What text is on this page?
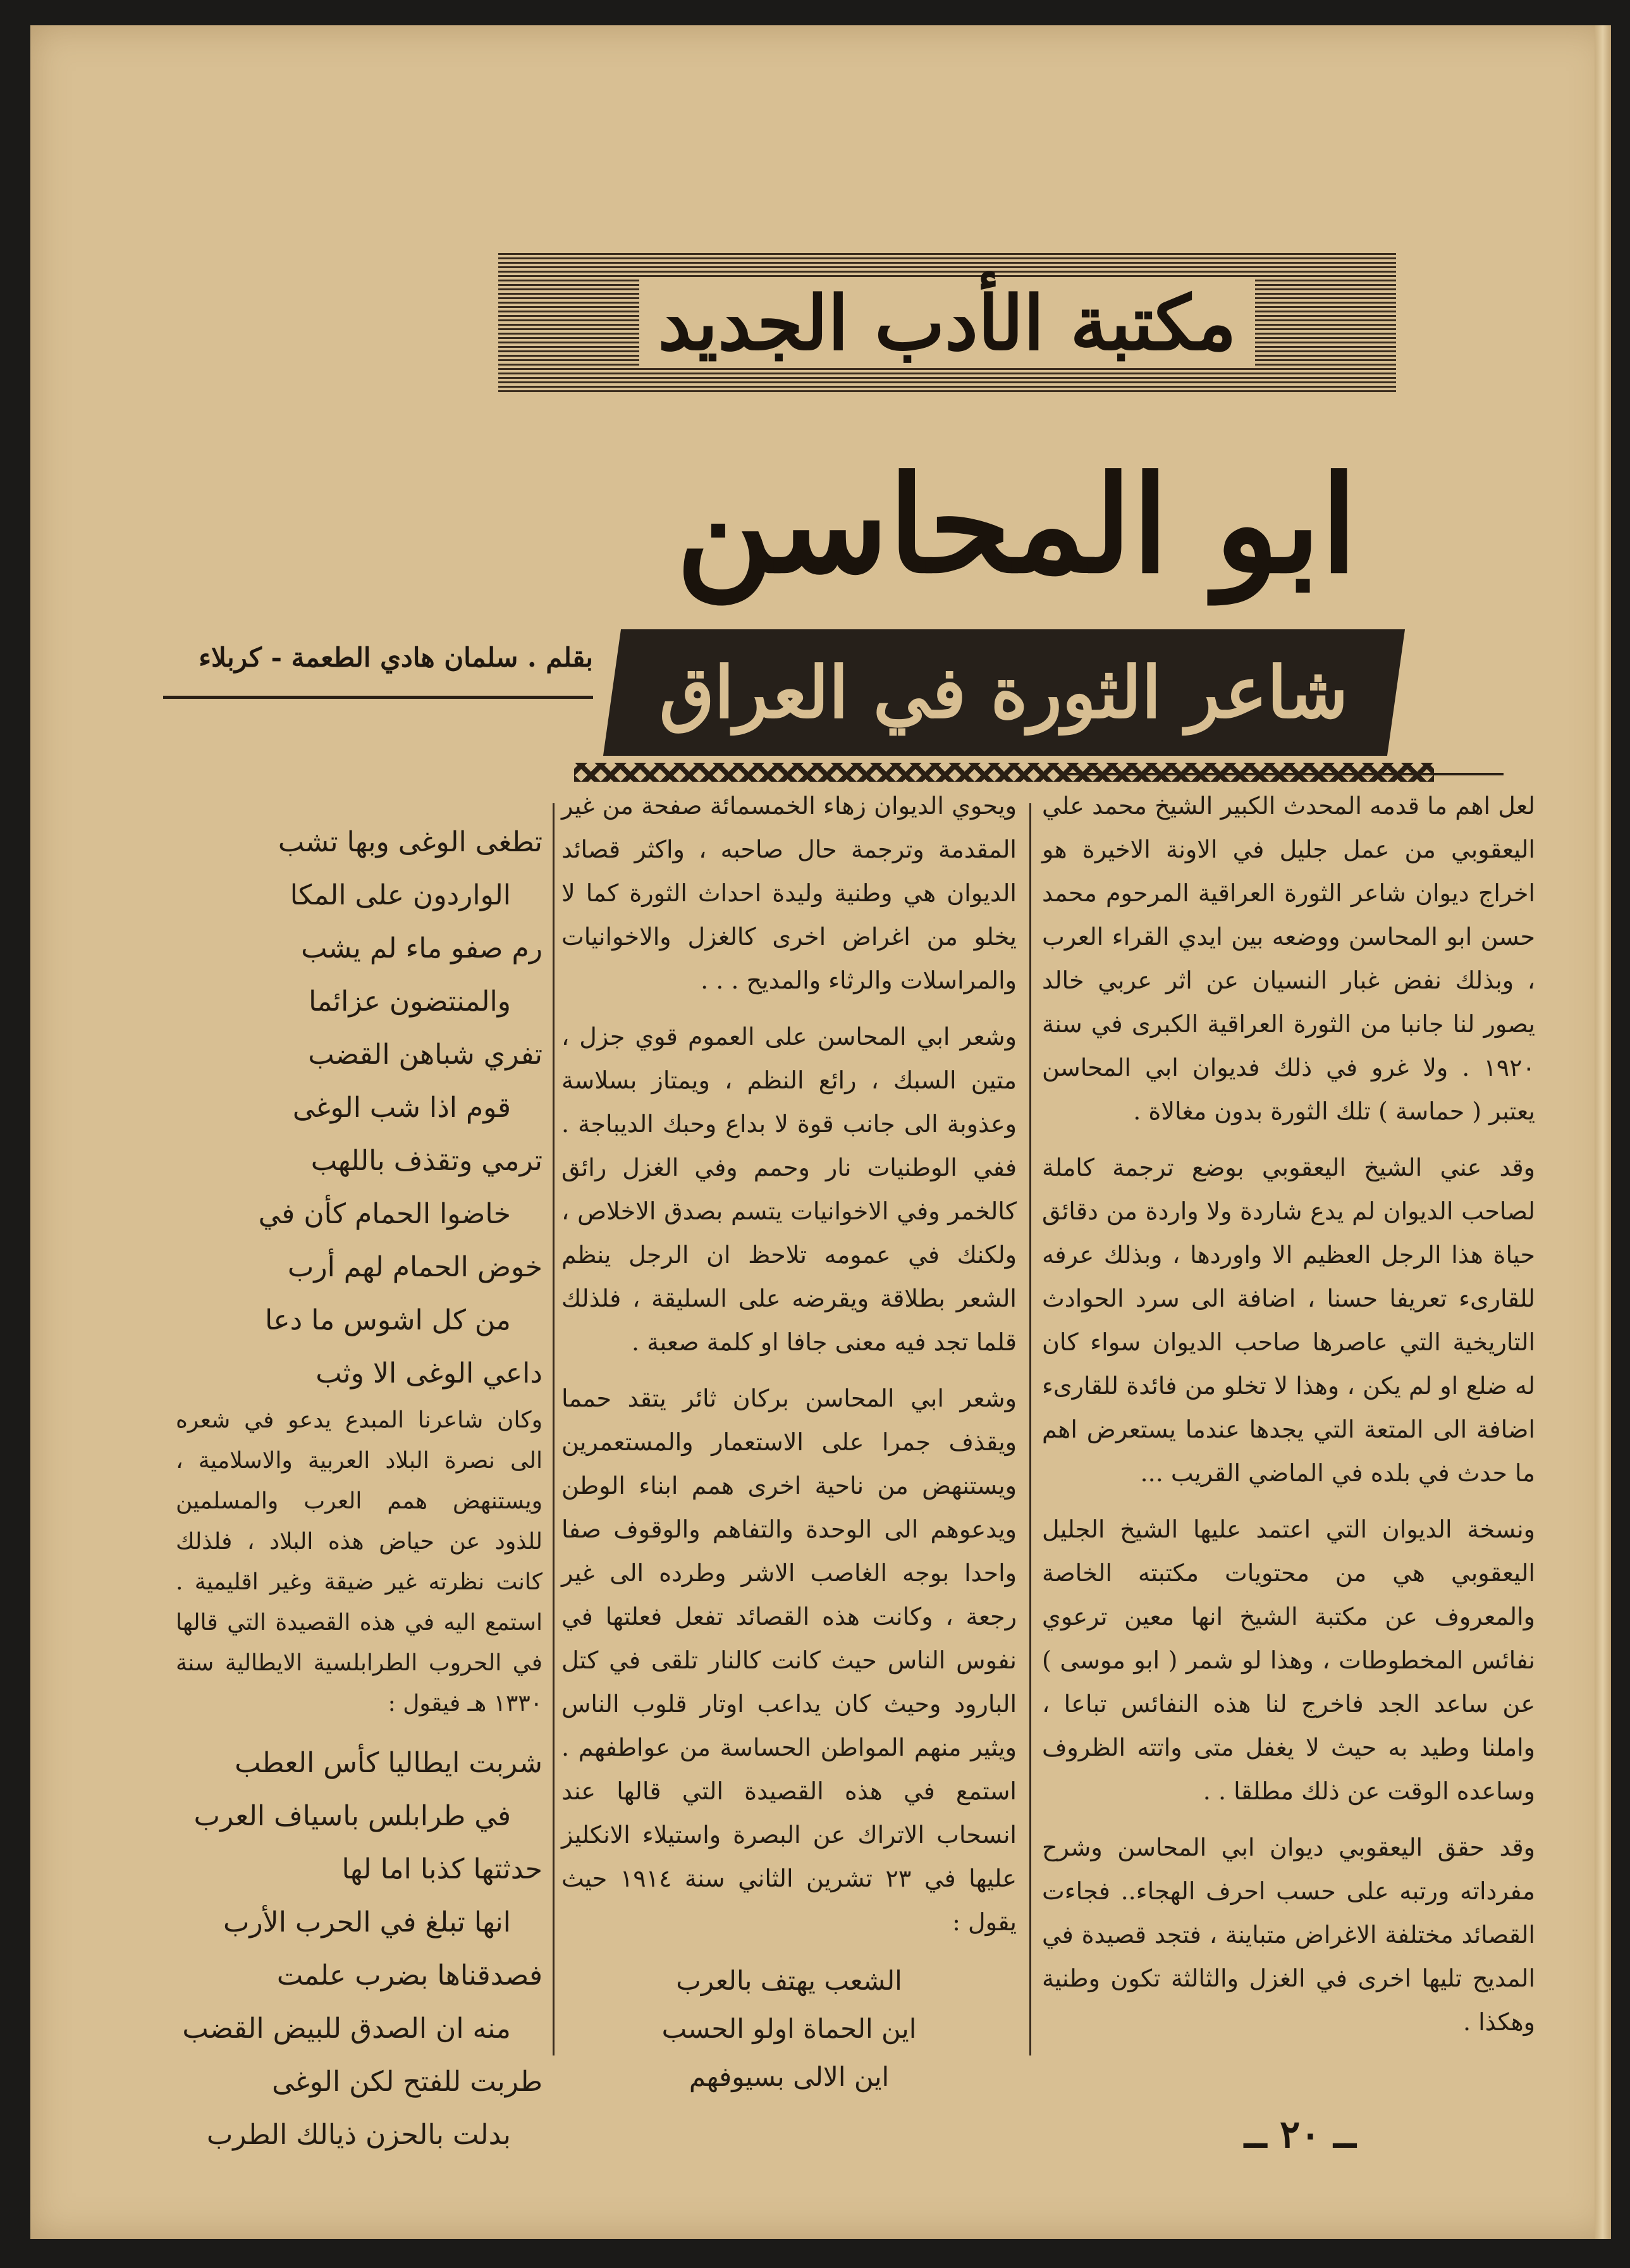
مكتبة الأدب الجديد
ابو المحاسن
شاعر الثورة في العراق
بقلم . سلمان هادي الطعمة - كربلاء

لعل اهم ما قدمه المحدث الكبير الشيخ محمد علي اليعقوبي من عمل جليل في الاونة الاخيرة هو اخراج ديوان شاعر الثورة العراقية المرحوم محمد حسن ابو المحاسن ووضعه بين ايدي القراء العرب ، وبذلك نفض غبار النسيان عن اثر عربي خالد يصور لنا جانبا من الثورة العراقية الكبرى في سنة ١٩٢٠ . ولا غرو في ذلك فديوان ابي المحاسن يعتبر ( حماسة ) تلك الثورة بدون مغالاة .

وقد عني الشيخ اليعقوبي بوضع ترجمة كاملة لصاحب الديوان لم يدع شاردة ولا واردة من دقائق حياة هذا الرجل العظيم الا واوردها ، وبذلك عرفه للقارىء تعريفا حسنا ، اضافة الى سرد الحوادث التاريخية التي عاصرها صاحب الديوان سواء كان له ضلع او لم يكن ، وهذا لا تخلو من فائدة للقارىء اضافة الى المتعة التي يجدها عندما يستعرض اهم ما حدث في بلده في الماضي القريب ...

ونسخة الديوان التي اعتمد عليها الشيخ الجليل اليعقوبي هي من محتويات مكتبته الخاصة والمعروف عن مكتبة الشيخ انها معين ترعوي نفائس المخطوطات ، وهذا لو شمر ( ابو موسى ) عن ساعد الجد فاخرج لنا هذه النفائس تباعا ، واملنا وطيد به حيث لا يغفل متى واتته الظروف وساعده الوقت عن ذلك مطلقا . .

وقد حقق اليعقوبي ديوان ابي المحاسن وشرح مفرداته ورتبه على حسب احرف الهجاء.. فجاءت القصائد مختلفة الاغراض متباينة ، فتجد قصيدة في المديح تليها اخرى في الغزل والثالثة تكون وطنية وهكذا .

ويحوي الديوان زهاء الخمسمائة صفحة من غير المقدمة وترجمة حال صاحبه ، واكثر قصائد الديوان هي وطنية وليدة احداث الثورة كما لا يخلو من اغراض اخرى كالغزل والاخوانيات والمراسلات والرثاء والمديح . . .

وشعر ابي المحاسن على العموم قوي جزل ، متين السبك ، رائع النظم ، ويمتاز بسلاسة وعذوبة الى جانب قوة لا بداع وحبك الديباجة . ففي الوطنيات نار وحمم وفي الغزل رائق كالخمر وفي الاخوانيات يتسم بصدق الاخلاص ، ولكنك في عمومه تلاحظ ان الرجل ينظم الشعر بطلاقة ويقرضه على السليقة ، فلذلك قلما تجد فيه معنى جافا او كلمة صعبة .

وشعر ابي المحاسن بركان ثائر يتقد حمما ويقذف جمرا على الاستعمار والمستعمرين ويستنهض من ناحية اخرى همم ابناء الوطن ويدعوهم الى الوحدة والتفاهم والوقوف صفا واحدا بوجه الغاصب الاشر وطرده الى غير رجعة ، وكانت هذه القصائد تفعل فعلتها في نفوس الناس حيث كانت كالنار تلقى في كتل البارود وحيث كان يداعب اوتار قلوب الناس ويثير منهم المواطن الحساسة من عواطفهم . استمع في هذه القصيدة التي قالها عند انسحاب الاتراك عن البصرة واستيلاء الانكليز عليها في ٢٣ تشرين الثاني سنة ١٩١٤ حيث يقول :

الشعب يهتف بالعرب
اين الحماة اولو الحسب
اين الالى بسيوفهم
تطغى الوغى وبها تشب
الواردون على المكا
رم صفو ماء لم يشب
والمنتضون عزائما
تفري شباهن القضب
قوم اذا شب الوغى
ترمي وتقذف باللهب
خاضوا الحمام كأن في
خوض الحمام لهم أرب
من كل اشوس ما دعا
داعي الوغى الا وثب

وكان شاعرنا المبدع يدعو في شعره الى نصرة البلاد العربية والاسلامية ، ويستنهض همم العرب والمسلمين للذود عن حياض هذه البلاد ، فلذلك كانت نظرته غير ضيقة وغير اقليمية . استمع اليه في هذه القصيدة التي قالها في الحروب الطرابلسية الايطالية سنة ١٣٣٠ هـ فيقول :

شربت ايطاليا كأس العطب
في طرابلس باسياف العرب
حدثتها كذبا اما لها
انها تبلغ في الحرب الأرب
فصدقناها بضرب علمت
منه ان الصدق للبيض القضب
طربت للفتح لكن الوغى
بدلت بالحزن ذيالك الطرب	ــ ٢٠ ــ
